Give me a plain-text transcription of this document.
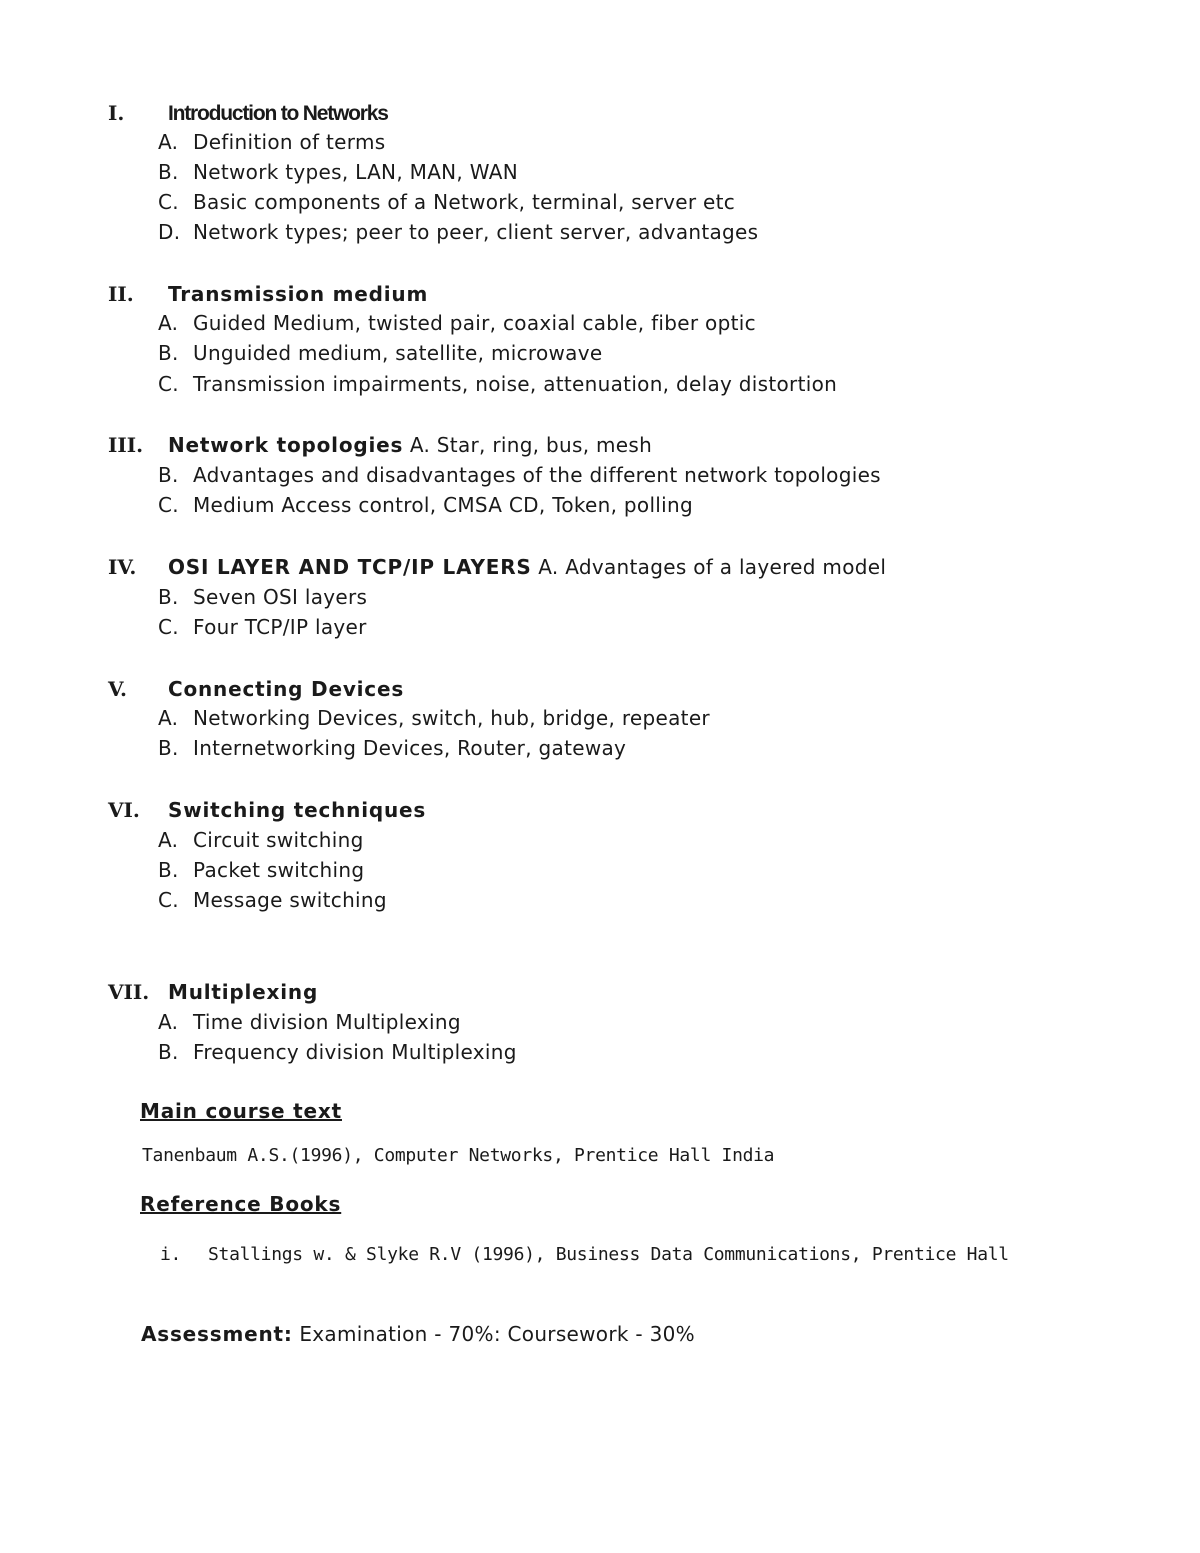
I. Introduction to Networks
A. Definition of terms
B. Network types, LAN, MAN, WAN
C. Basic components of a Network, terminal, server etc
D. Network types; peer to peer, client server, advantages
II. Transmission medium
A. Guided Medium, twisted pair, coaxial cable, fiber optic
B. Unguided medium, satellite, microwave
C. Transmission impairments, noise, attenuation, delay distortion
III. Network topologies A. Star, ring, bus, mesh
B. Advantages and disadvantages of the different network topologies
C. Medium Access control, CMSA CD, Token, polling
IV. OSI LAYER AND TCP/IP LAYERS A. Advantages of a layered model
B. Seven OSI layers
C. Four TCP/IP layer
V. Connecting Devices
A. Networking Devices, switch, hub, bridge, repeater
B. Internetworking Devices, Router, gateway
VI. Switching techniques
A. Circuit switching
B. Packet switching
C. Message switching
VII. Multiplexing
A. Time division Multiplexing
B. Frequency division Multiplexing
Main course text
Tanenbaum A.S.(1996), Computer Networks, Prentice Hall India
Reference Books
i. Stallings w. & Slyke R.V (1996), Business Data Communications, Prentice Hall
Assessment: Examination - 70%: Coursework - 30%
